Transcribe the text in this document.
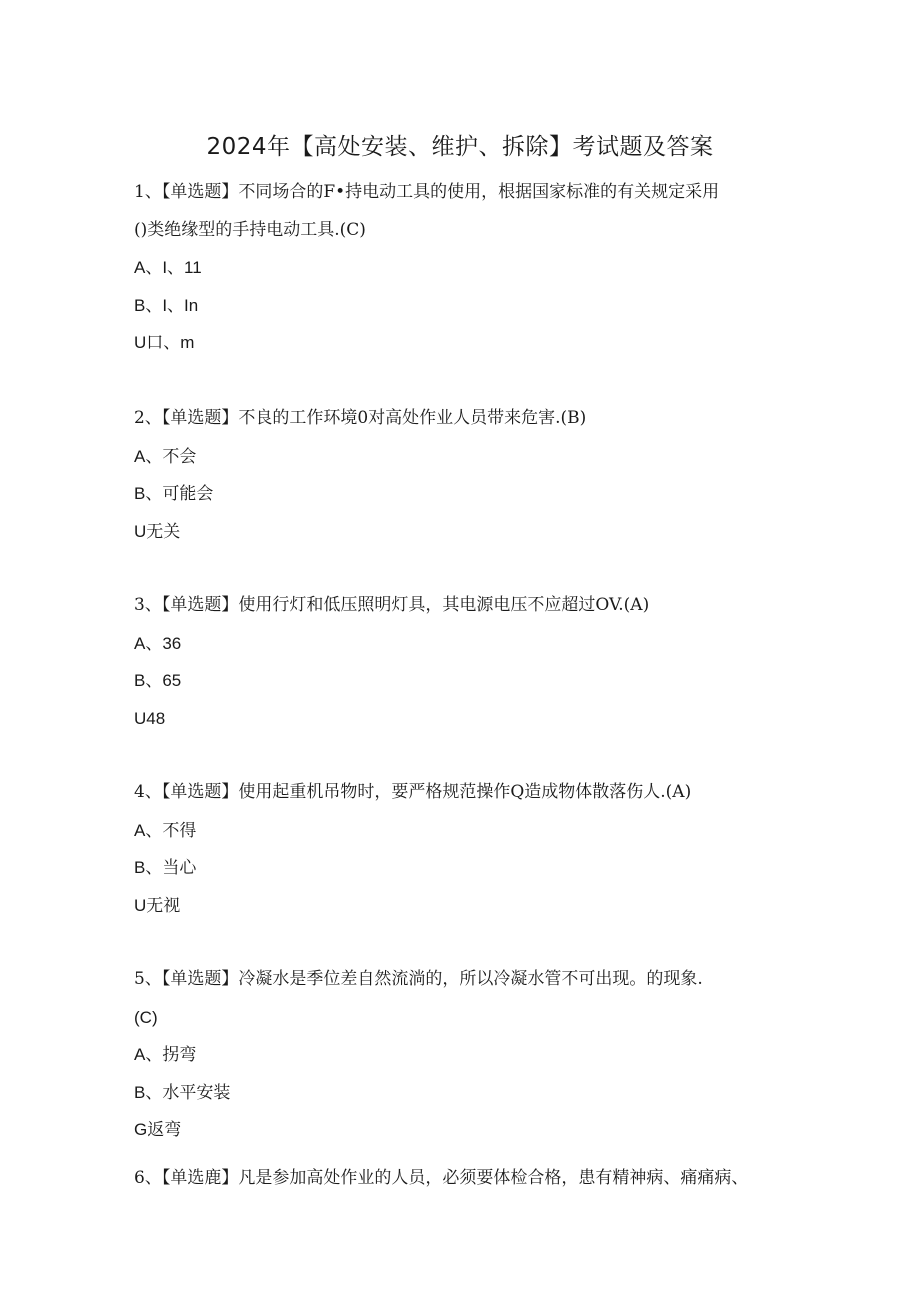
2024年【高处安装、维护、拆除】考试题及答案
1、【单选题】不同场合的F•持电动工具的使用，根据国家标准的有关规定采用
()类绝缘型的手持电动工具.(C)
A、I、11
B、I、In
U口、m
2、【单选题】不良的工作环境0对高处作业人员带来危害.(B)
A、不会
B、可能会
U无关
3、【单选题】使用行灯和低压照明灯具，其电源电压不应超过OV.(A)
A、36
B、65
U48
4、【单选题】使用起重机吊物时，要严格规范操作Q造成物体散落伤人.(A)
A、不得
B、当心
U无视
5、【单选题】冷凝水是季位差自然流淌的，所以冷凝水管不可出现。的现象.
(C)
A、拐弯
B、水平安装
G返弯
6、【单选鹿】凡是参加高处作业的人员，必须要体检合格，患有精神病、痛痛病、
